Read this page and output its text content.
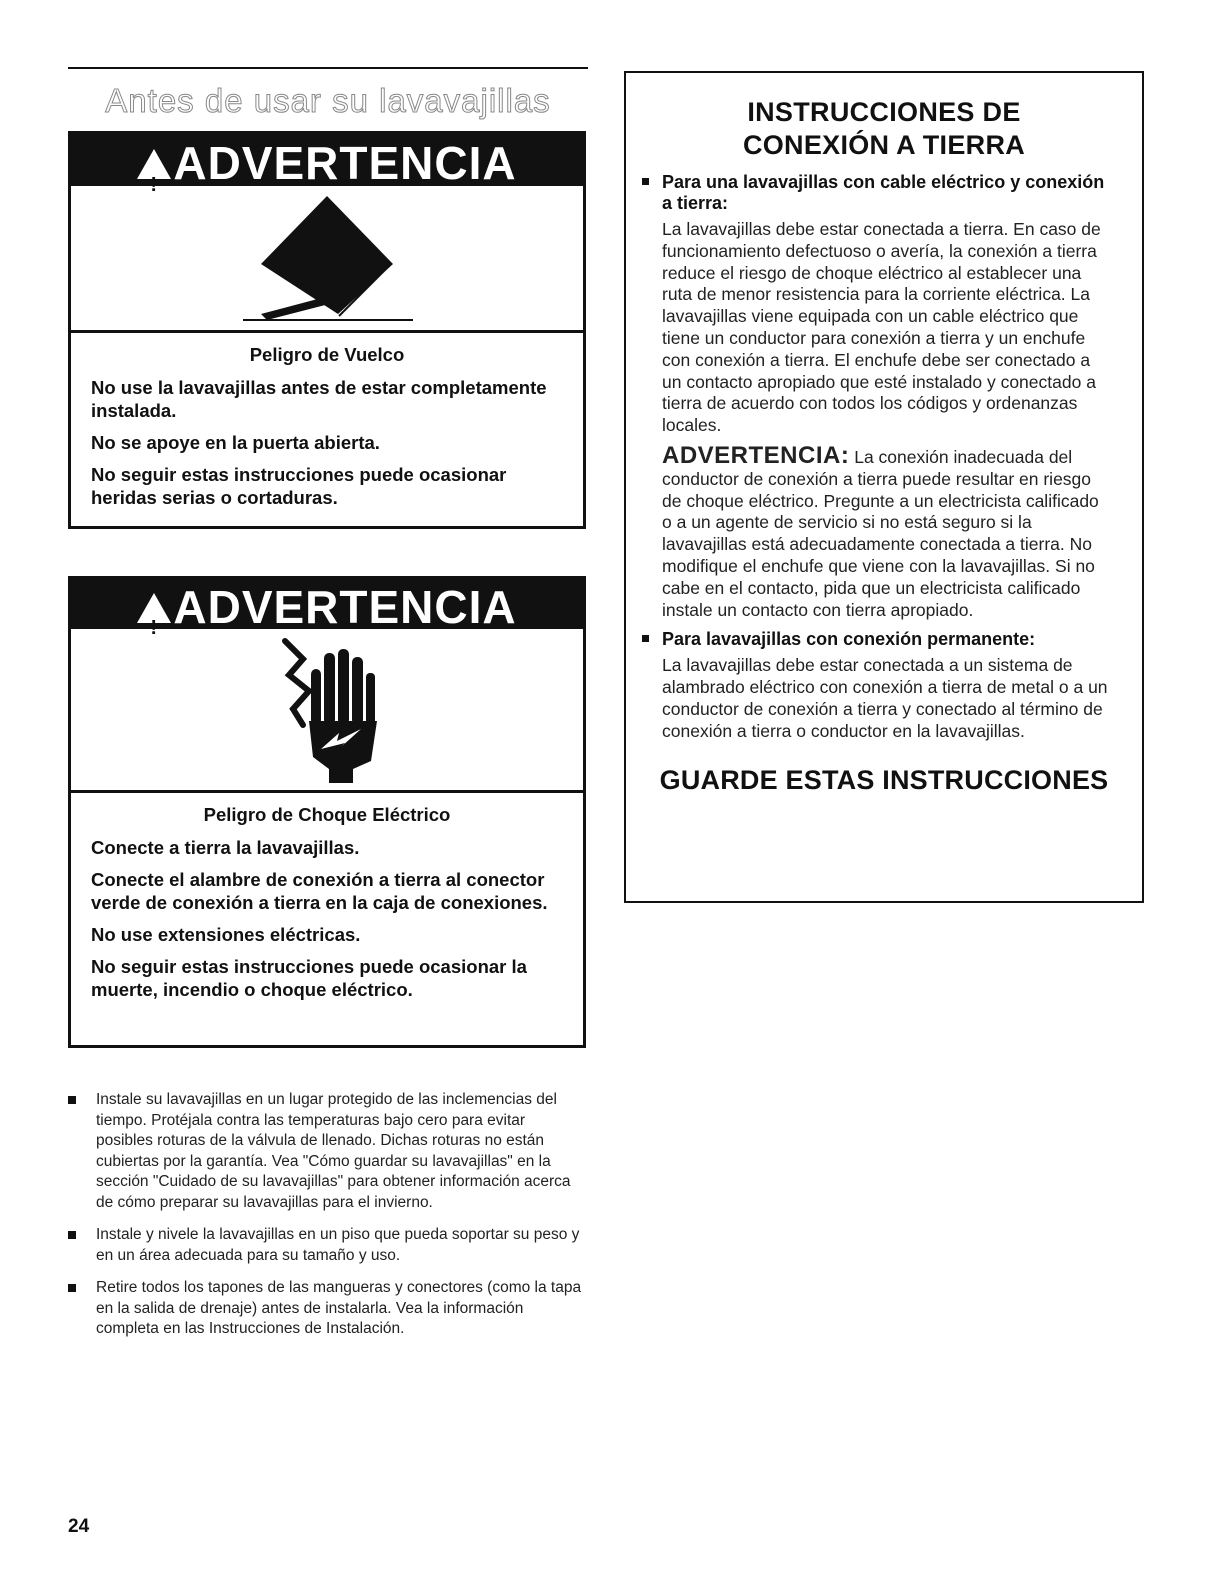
Antes de usar su lavavajillas
!ADVERTENCIA
Peligro de Vuelco

No use la lavavajillas antes de estar completamente instalada.

No se apoye en la puerta abierta.

No seguir estas instrucciones puede ocasionar heridas serias o cortaduras.

!ADVERTENCIA
Peligro de Choque Eléctrico

Conecte a tierra la lavavajillas.

Conecte el alambre de conexión a tierra al conector verde de conexión a tierra en la caja de conexiones.

No use extensiones eléctricas.

No seguir estas instrucciones puede ocasionar la muerte, incendio o choque eléctrico.

Instale su lavavajillas en un lugar protegido de las inclemencias del tiempo. Protéjala contra las temperaturas bajo cero para evitar posibles roturas de la válvula de llenado. Dichas roturas no están cubiertas por la garantía. Vea "Cómo guardar su lavavajillas" en la sección "Cuidado de su lavavajillas" para obtener información acerca de cómo preparar su lavavajillas para el invierno.
Instale y nivele la lavavajillas en un piso que pueda soportar su peso y en un área adecuada para su tamaño y uso.
Retire todos los tapones de las mangueras y conectores (como la tapa en la salida de drenaje) antes de instalarla. Vea la información completa en las Instrucciones de Instalación.
24
INSTRUCCIONES DE
CONEXIÓN A TIERRA
Para una lavavajillas con cable eléctrico y conexión a tierra:
La lavavajillas debe estar conectada a tierra. En caso de funcionamiento defectuoso o avería, la conexión a tierra reduce el riesgo de choque eléctrico al establecer una ruta de menor resistencia para la corriente eléctrica. La lavavajillas viene equipada con un cable eléctrico que tiene un conductor para conexión a tierra y un enchufe con conexión a tierra. El enchufe debe ser conectado a un contacto apropiado que esté instalado y conectado a tierra de acuerdo con todos los códigos y ordenanzas locales.
ADVERTENCIA: La conexión inadecuada del conductor de conexión a tierra puede resultar en riesgo de choque eléctrico. Pregunte a un electricista calificado o a un agente de servicio si no está seguro si la lavavajillas está adecuadamente conectada a tierra. No modifique el enchufe que viene con la lavavajillas. Si no cabe en el contacto, pida que un electricista calificado instale un contacto con tierra apropiado.
Para lavavajillas con conexión permanente:
La lavavajillas debe estar conectada a un sistema de alambrado eléctrico con conexión a tierra de metal o a un conductor de conexión a tierra y conectado al término de conexión a tierra o conductor en la lavavajillas.
GUARDE ESTAS INSTRUCCIONES
